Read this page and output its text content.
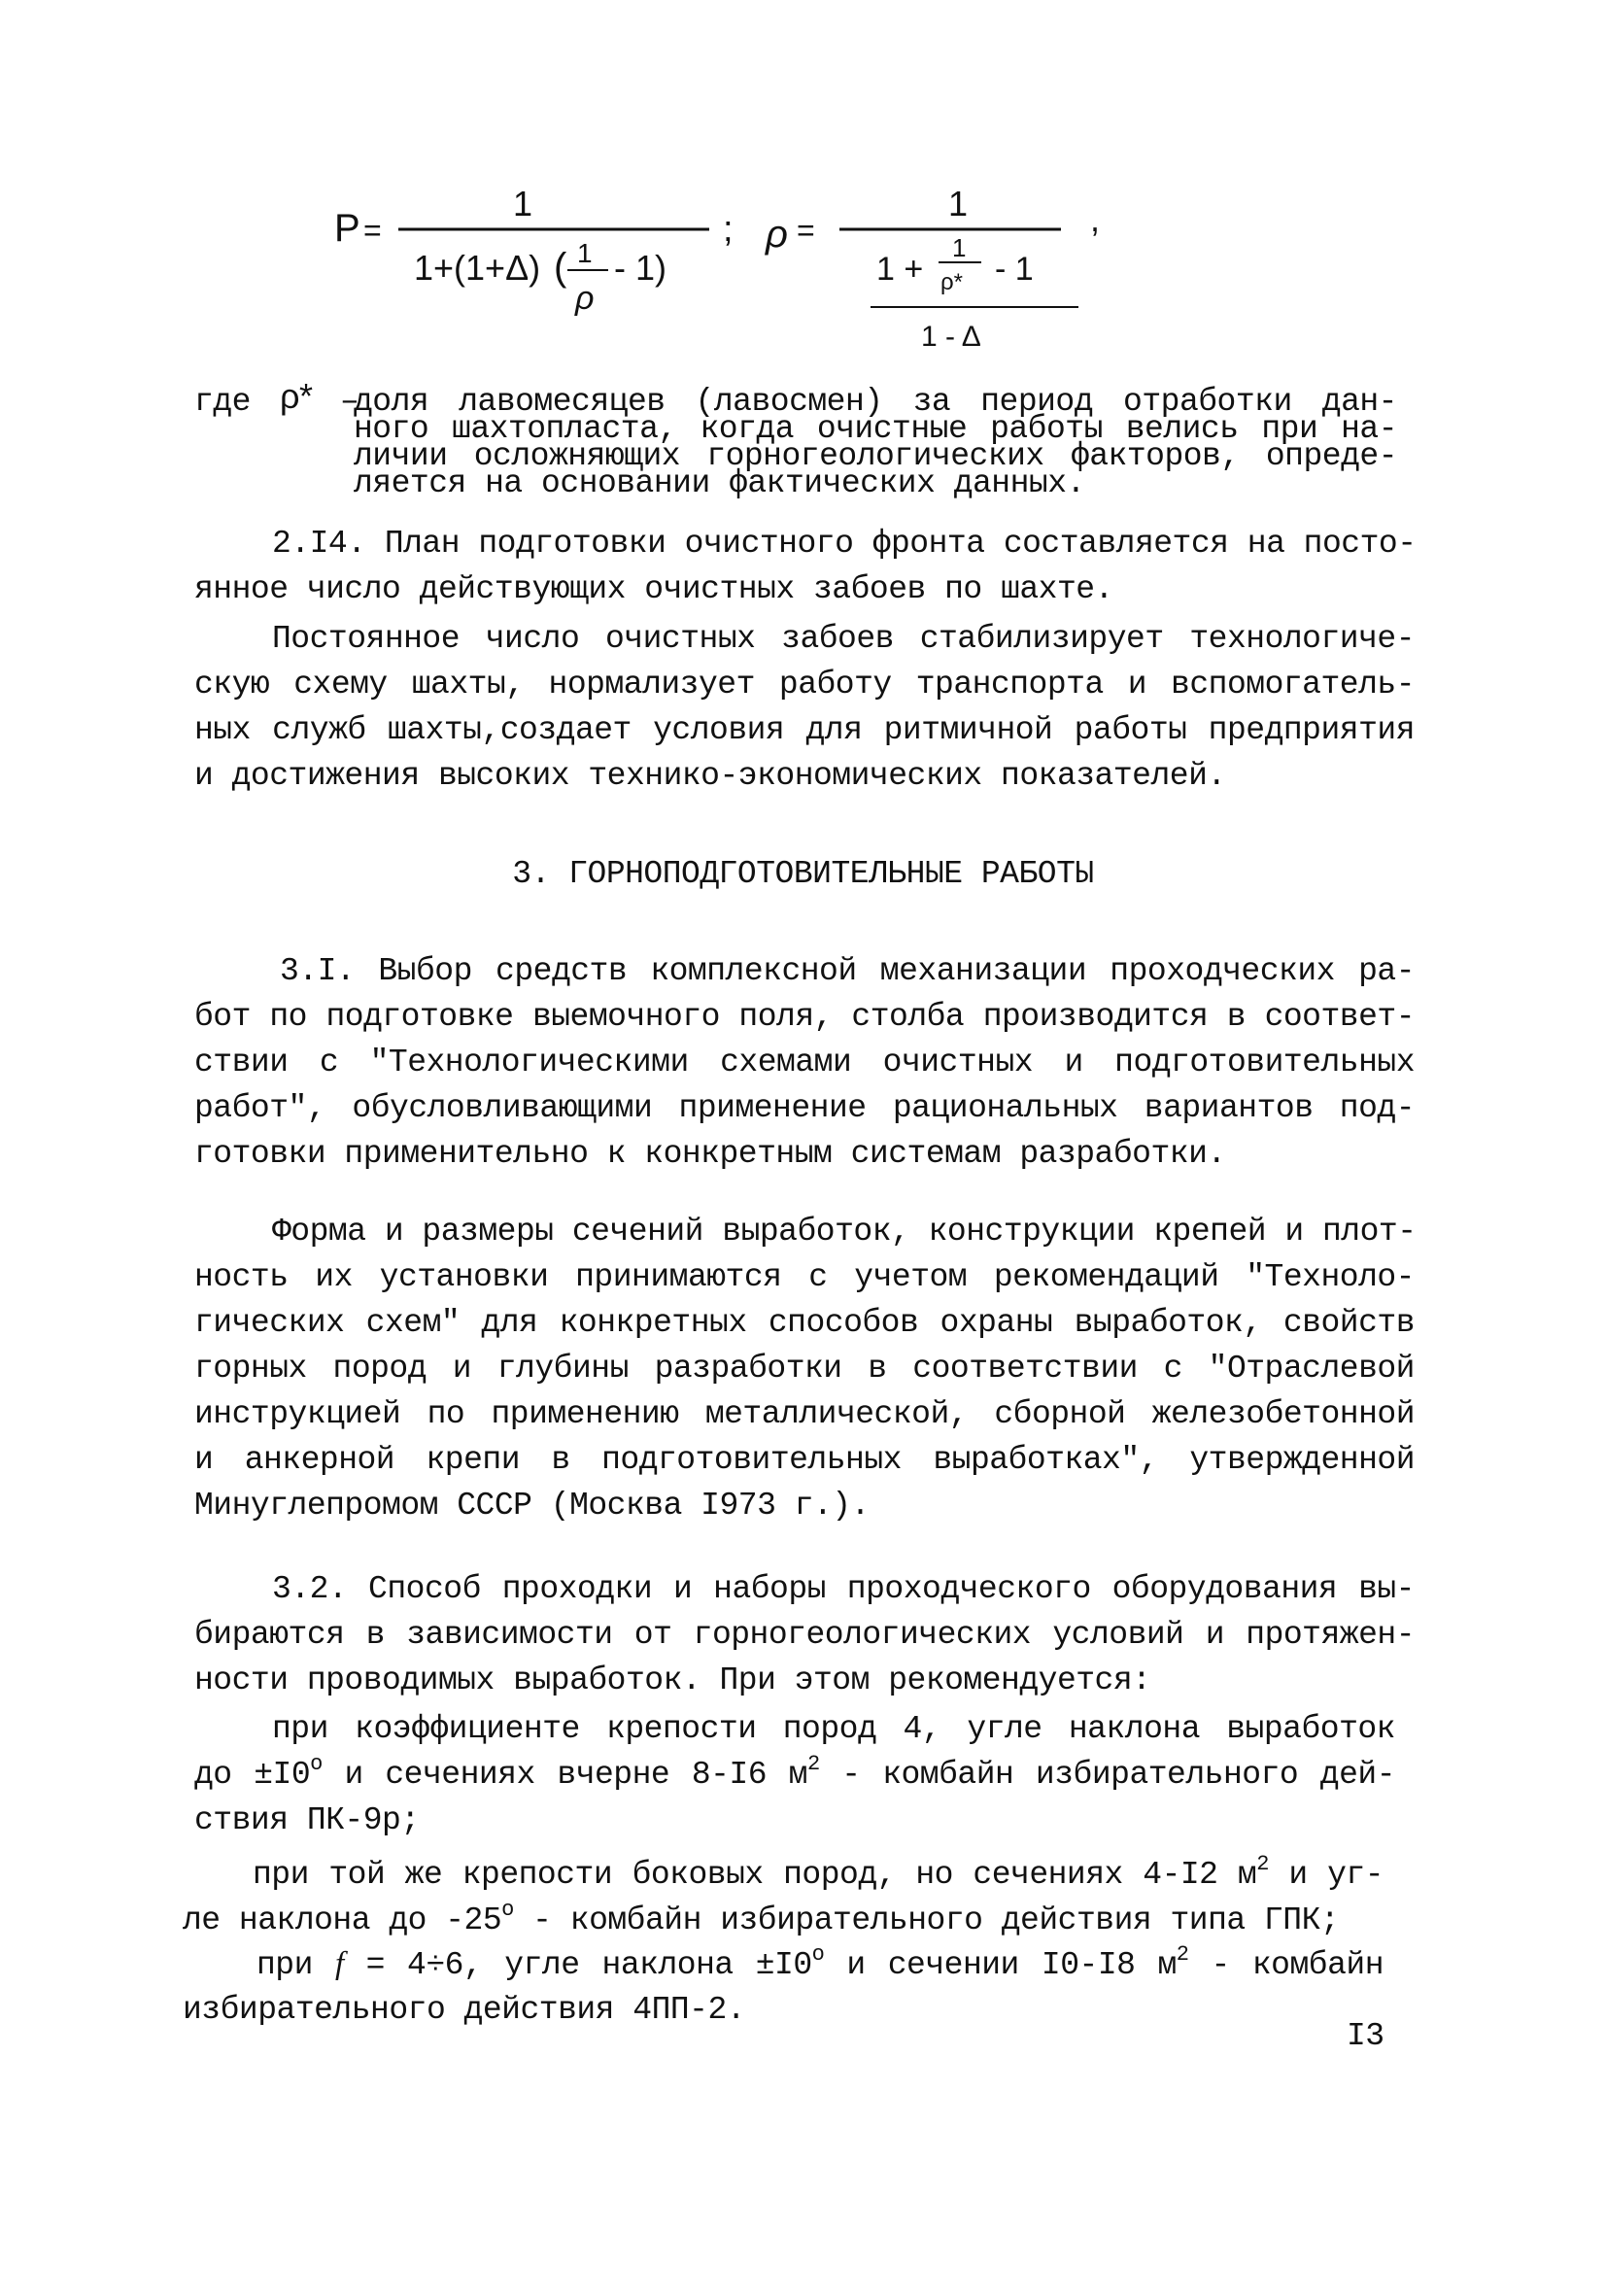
P =
1
1+(1+Δ) ( 1
ρ
- 1)
; ρ =
1
1 +
1
ρ* - 1
1 - Δ
,
где ρ* –
доля лавомесяцев (лавосмен) за период отработки дан-
ного шахтопласта, когда очистные работы велись при на-
личии осложняющих горногеологических факторов, опреде-
ляется на основании фактических данных.
2.I4. План подготовки очистного фронта составляется на посто-
янное число действующих очистных забоев по шахте.
Постоянное число очистных забоев стабилизирует технологиче-
скую схему шахты, нормализует работу транспорта и вспомогатель-
ных служб шахты,создает условия для ритмичной работы предприятия
и достижения высоких технико-экономических показателей.
3. ГОРНОПОДГОТОВИТЕЛЬНЫЕ РАБОТЫ
3.I. Выбор средств комплексной механизации проходческих ра-
бот по подготовке выемочного поля, столба производится в соответ-
ствии с "Технологическими схемами очистных и подготовительных
работ", обусловливающими применение рациональных вариантов под-
готовки применительно к конкретным системам разработки.
Форма и размеры сечений выработок, конструкции крепей и плот-
ность их установки принимаются с учетом рекомендаций "Техноло-
гических схем" для конкретных способов охраны выработок, свойств
горных пород и глубины разработки в соответствии с "Отраслевой
инструкцией по применению металлической, сборной железобетонной
и анкерной крепи в подготовительных выработках", утвержденной
Минуглепромом СССР (Москва I973 г.).
3.2. Способ проходки и наборы проходческого оборудования вы-
бираются в зависимости от горногеологических условий и протяжен-
ности проводимых выработок. При этом рекомендуется:
при коэффициенте крепости пород 4, угле наклона выработок
до $\pm I0^o$ и сечениях вчерне 8-I6 $м^2$ - комбайн избирательного дей-
ствия ПК-9р;
при той же крепости боковых пород, но сечениях 4-I2 $м^2$ и уг-
ле наклона до -25$^o$ - комбайн избирательного действия типа ГПК;
при f = 4÷6, угле наклона $\pm I0^o$ и сечении I0-I8 $м^2$ - комбайн
избирательного действия 4ПП-2.
I3
